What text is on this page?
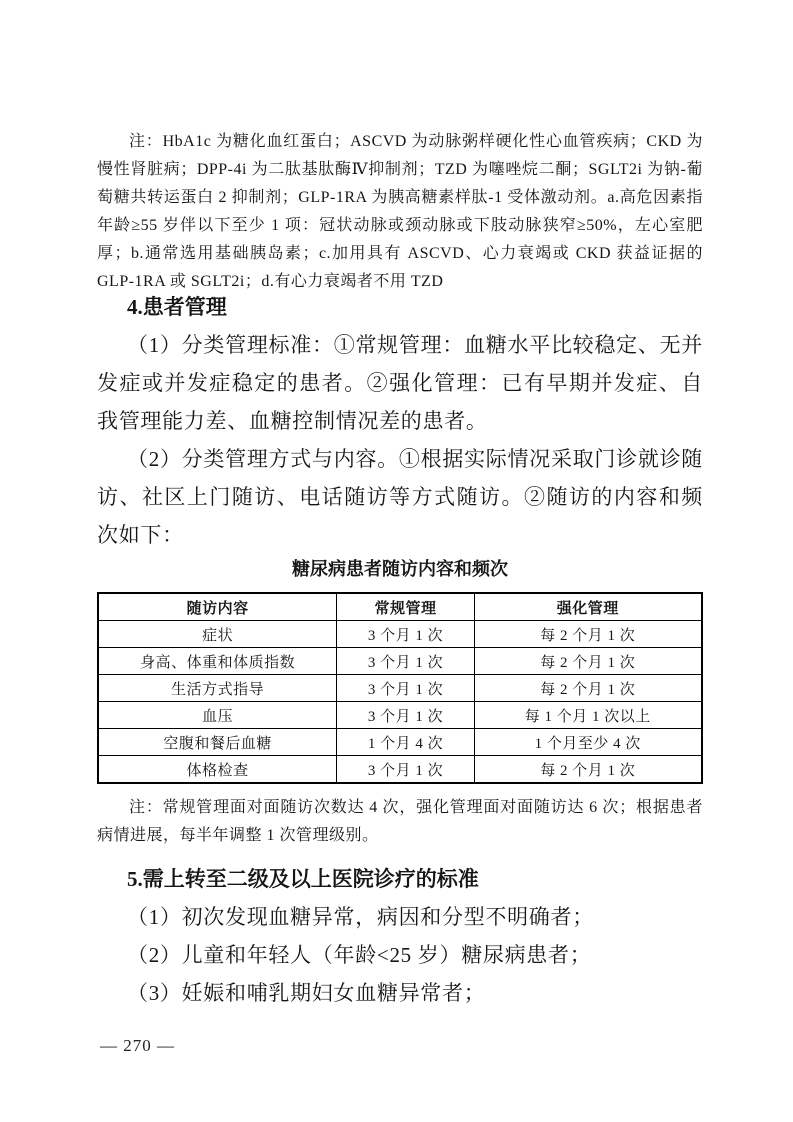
注：HbA1c 为糖化血红蛋白；ASCVD 为动脉粥样硬化性心血管疾病；CKD 为慢性肾脏病；DPP-4i 为二肽基肽酶Ⅳ抑制剂；TZD 为噻唑烷二酮；SGLT2i 为钠-葡萄糖共转运蛋白 2 抑制剂；GLP-1RA 为胰高糖素样肽-1 受体激动剂。a.高危因素指年龄≥55 岁伴以下至少 1 项：冠状动脉或颈动脉或下肢动脉狭窄≥50%，左心室肥厚；b.通常选用基础胰岛素；c.加用具有 ASCVD、心力衰竭或 CKD 获益证据的 GLP-1RA 或 SGLT2i；d.有心力衰竭者不用 TZD

4.患者管理

（1）分类管理标准：①常规管理：血糖水平比较稳定、无并发症或并发症稳定的患者。②强化管理：已有早期并发症、自我管理能力差、血糖控制情况差的患者。

（2）分类管理方式与内容。①根据实际情况采取门诊就诊随访、社区上门随访、电话随访等方式随访。②随访的内容和频次如下：

糖尿病患者随访内容和频次
随访内容	常规管理	强化管理
症状	3 个月 1 次	每 2 个月 1 次
身高、体重和体质指数	3 个月 1 次	每 2 个月 1 次
生活方式指导	3 个月 1 次	每 2 个月 1 次
血压	3 个月 1 次	每 1 个月 1 次以上
空腹和餐后血糖	1 个月 4 次	1 个月至少 4 次
体格检查	3 个月 1 次	每 2 个月 1 次

注：常规管理面对面随访次数达 4 次，强化管理面对面随访达 6 次；根据患者病情进展，每半年调整 1 次管理级别。

5.需上转至二级及以上医院诊疗的标准

（1）初次发现血糖异常，病因和分型不明确者；

（2）儿童和年轻人（年龄<25 岁）糖尿病患者；

（3）妊娠和哺乳期妇女血糖异常者；

— 270 —
